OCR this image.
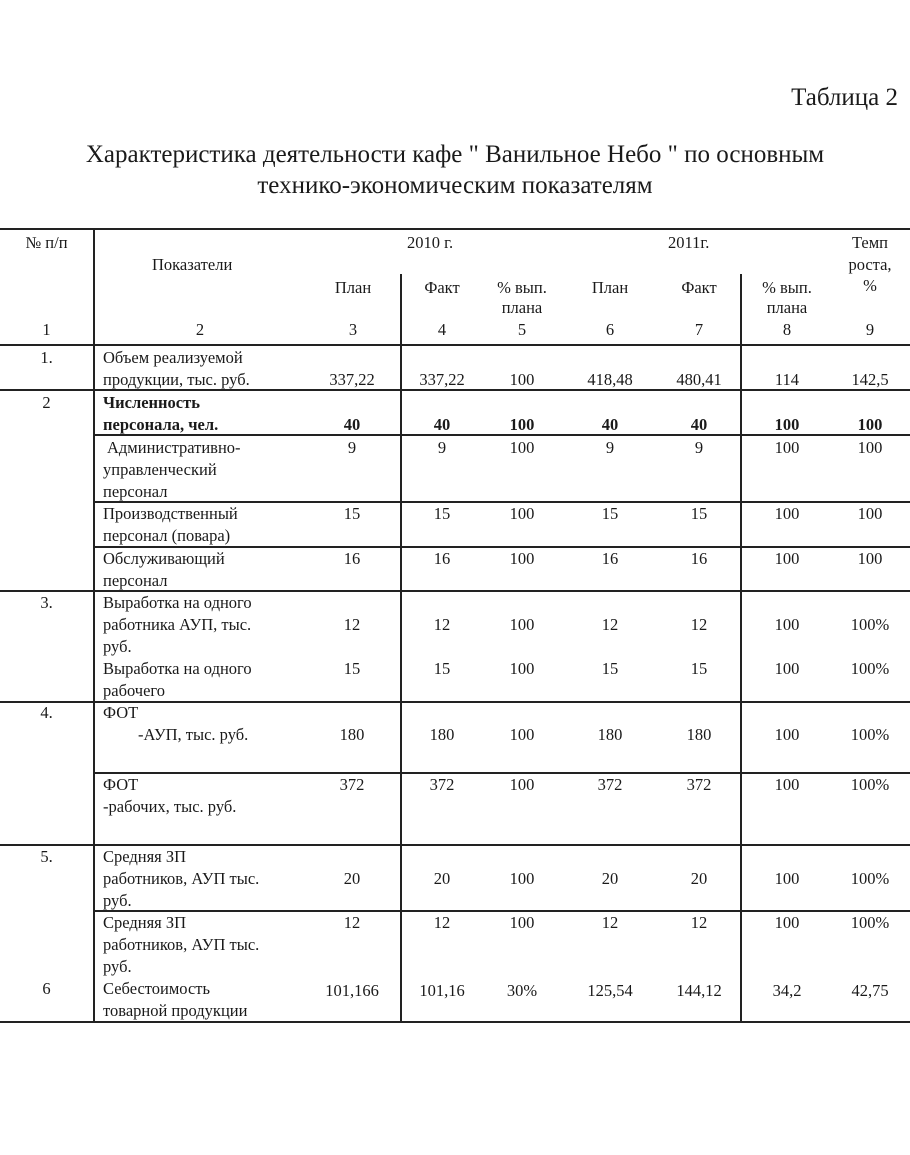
Таблица 2
Характеристика деятельности кафе " Ванильное Небо " по основным
технико-экономическим показателям
№ п/п
Показатели
2010 г.	2011г.	Темп
роста,
%
План	Факт	% вып.
плана
План	Факт	% вып.
плана
1	2	3	4	5	6	7	8	9
1.	Объем реализуемой
продукции, тыс. руб.	337,22	337,22	100	418,48	480,41	114	142,5
2	Численность
персонала, чел.	40	40	100	40	40	100	100
Административно-
управленческий
персонал
9	9	100	9	9	100	100
Производственный
персонал (повара)
15	15	100	15	15	100	100
Обслуживающий
персонал
16	16	100	16	16	100	100
3.	Выработка на одного
работника АУП, тыс.
руб.
12	12	100	12	12	100	100%
Выработка на одного
рабочего
15	15	100	15	15	100	100%
4.	ФОТ
-АУП, тыс. руб.	180	180	100	180	180	100	100%
ФОТ
-рабочих, тыс. руб.
372	372	100	372	372	100	100%
5.	Средняя ЗП
работников, АУП тыс.
руб.
20	20	100	20	20	100	100%
Средняя ЗП
работников, АУП тыс.
руб.
12	12	100	12	12	100	100%
6	Себестоимость
товарной продукции
101,166	101,16	30%	125,54	144,12	34,2	42,75
